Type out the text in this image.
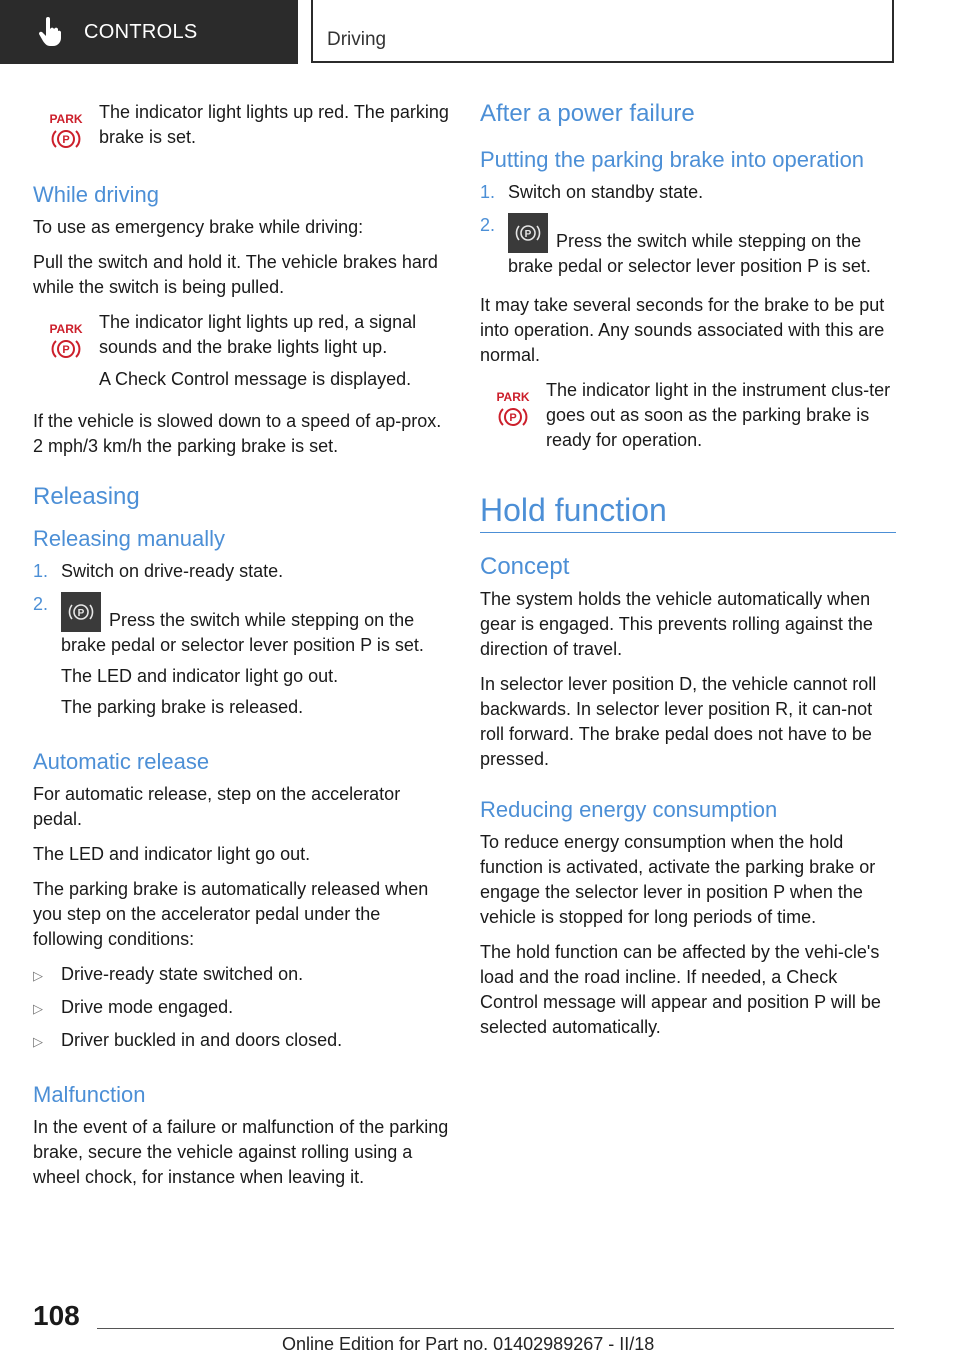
CONTROLS	Driving
PARK
P

The indicator light lights up red. The parking brake is set.

While driving

To use as emergency brake while driving:

Pull the switch and hold it. The vehicle brakes hard while the switch is being pulled.

PARK
P

The indicator light lights up red, a signal sounds and the brake lights light up.

A Check Control message is displayed.

If the vehicle is slowed down to a speed of ap‐prox. 2 mph/3 km/h the parking brake is set.

Releasing
Releasing manually
1. Switch on drive-ready state.
2.	P Press the switch while stepping on the brake pedal or selector lever position P is set.

The LED and indicator light go out.

The parking brake is released.

Automatic release

For automatic release, step on the accelerator pedal.

The LED and indicator light go out.

The parking brake is automatically released when you step on the accelerator pedal under the following conditions:

▷	Drive-ready state switched on.
▷	Drive mode engaged.
▷	Driver buckled in and doors closed.
Malfunction

In the event of a failure or malfunction of the parking brake, secure the vehicle against rolling using a wheel chock, for instance when leaving it.

After a power failure
Putting the parking brake into operation
1. Switch on standby state.
2.	P Press the switch while stepping on the brake pedal or selector lever position P is set.

It may take several seconds for the brake to be put into operation. Any sounds associated with this are normal.

PARK
P

The indicator light in the instrument clus‐ter goes out as soon as the parking brake is ready for operation.

Hold function
Concept

The system holds the vehicle automatically when gear is engaged. This prevents rolling against the direction of travel.

In selector lever position D, the vehicle cannot roll backwards. In selector lever position R, it can‐not roll forward. The brake pedal does not have to be pressed.

Reducing energy consumption

To reduce energy consumption when the hold function is activated, activate the parking brake or engage the selector lever in position P when the vehicle is stopped for long periods of time.

The hold function can be affected by the vehi‐cle's load and the road incline. If needed, a Check Control message will appear and position P will be selected automatically.

108
Online Edition for Part no. 01402989267 - II/18
